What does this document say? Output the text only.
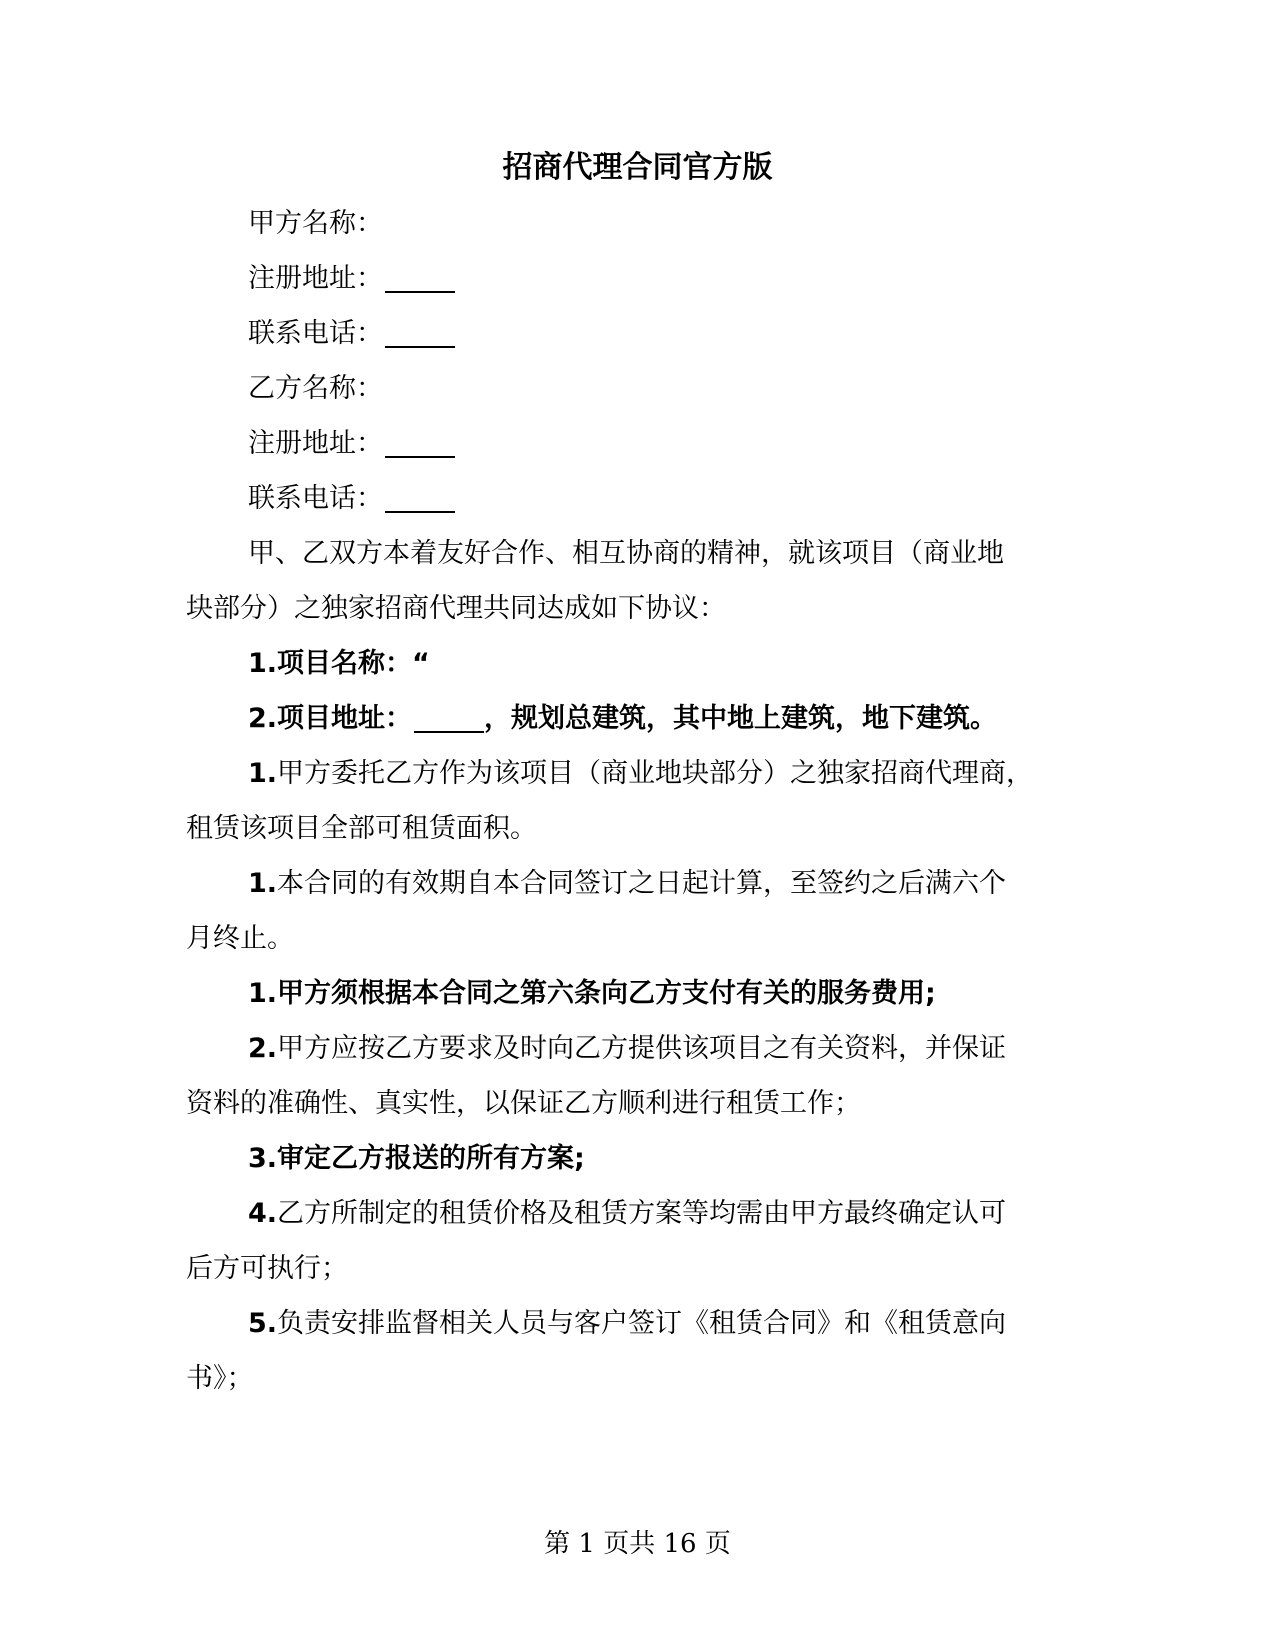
招商代理合同官方版
甲方名称：
注册地址：
联系电话：
乙方名称：
注册地址：
联系电话：
甲、乙双方本着友好合作、相互协商的精神，就该项目（商业地
块部分）之独家招商代理共同达成如下协议：
1.项目名称：“
2.项目地址：	，规划总建筑，其中地上建筑，地下建筑。
1.甲方委托乙方作为该项目（商业地块部分）之独家招商代理商，
租赁该项目全部可租赁面积。
1.本合同的有效期自本合同签订之日起计算，至签约之后满六个
月终止。
1.甲方须根据本合同之第六条向乙方支付有关的服务费用;
2.甲方应按乙方要求及时向乙方提供该项目之有关资料，并保证
资料的准确性、真实性，以保证乙方顺利进行租赁工作；
3.审定乙方报送的所有方案;
4.乙方所制定的租赁价格及租赁方案等均需由甲方最终确定认可
后方可执行；
5.负责安排监督相关人员与客户签订《租赁合同》和《租赁意向
书》；
第 1 页共 16 页
